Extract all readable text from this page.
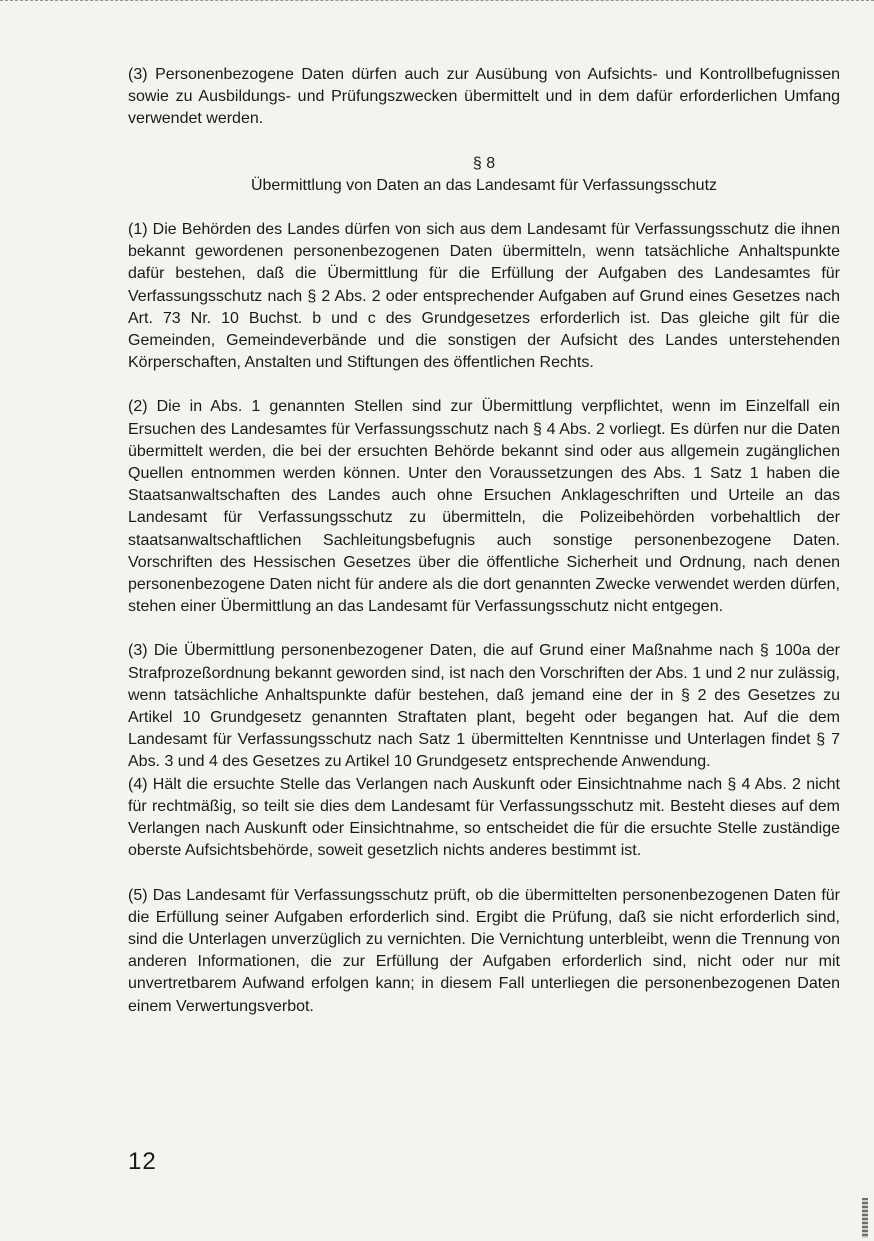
(3) Personenbezogene Daten dürfen auch zur Ausübung von Aufsichts- und Kontrollbefugnissen sowie zu Ausbildungs- und Prüfungszwecken übermittelt und in dem dafür erforderlichen Umfang verwendet werden.

§ 8

Übermittlung von Daten an das Landesamt für Verfassungsschutz

(1) Die Behörden des Landes dürfen von sich aus dem Landesamt für Verfassungsschutz die ihnen bekannt gewordenen personenbezogenen Daten übermitteln, wenn tatsächliche Anhaltspunkte dafür bestehen, daß die Übermittlung für die Erfüllung der Aufgaben des Landesamtes für Verfassungsschutz nach § 2 Abs. 2 oder entsprechender Aufgaben auf Grund eines Gesetzes nach Art. 73 Nr. 10 Buchst. b und c des Grundgesetzes erforderlich ist. Das gleiche gilt für die Gemeinden, Gemeindeverbände und die sonstigen der Aufsicht des Landes unterstehenden Körperschaften, Anstalten und Stiftungen des öffentlichen Rechts.

(2) Die in Abs. 1 genannten Stellen sind zur Übermittlung verpflichtet, wenn im Einzelfall ein Ersuchen des Landesamtes für Verfassungsschutz nach § 4 Abs. 2 vorliegt. Es dürfen nur die Daten übermittelt werden, die bei der ersuchten Behörde bekannt sind oder aus allgemein zugänglichen Quellen entnommen werden können. Unter den Voraussetzungen des Abs. 1 Satz 1 haben die Staatsanwaltschaften des Landes auch ohne Ersuchen Anklageschriften und Urteile an das Landesamt für Verfassungsschutz zu übermitteln, die Polizeibehörden vorbehaltlich der staatsanwaltschaftlichen Sachleitungsbefugnis auch sonstige personenbezogene Daten. Vorschriften des Hessischen Gesetzes über die öffentliche Sicherheit und Ordnung, nach denen personenbezogene Daten nicht für andere als die dort genannten Zwecke verwendet werden dürfen, stehen einer Übermittlung an das Landesamt für Verfassungsschutz nicht entgegen.

(3) Die Übermittlung personenbezogener Daten, die auf Grund einer Maßnahme nach § 100a der Strafprozeßordnung bekannt geworden sind, ist nach den Vorschriften der Abs. 1 und 2 nur zulässig, wenn tatsächliche Anhaltspunkte dafür bestehen, daß jemand eine der in § 2 des Gesetzes zu Artikel 10 Grundgesetz genannten Straftaten plant, begeht oder begangen hat. Auf die dem Landesamt für Verfassungsschutz nach Satz 1 übermittelten Kenntnisse und Unterlagen findet § 7 Abs. 3 und 4 des Gesetzes zu Artikel 10 Grundgesetz entsprechende Anwendung.

(4) Hält die ersuchte Stelle das Verlangen nach Auskunft oder Einsichtnahme nach § 4 Abs. 2 nicht für rechtmäßig, so teilt sie dies dem Landesamt für Verfassungsschutz mit. Besteht dieses auf dem Verlangen nach Auskunft oder Einsichtnahme, so entscheidet die für die ersuchte Stelle zuständige oberste Aufsichtsbehörde, soweit gesetzlich nichts anderes bestimmt ist.

(5) Das Landesamt für Verfassungsschutz prüft, ob die übermittelten personenbezogenen Daten für die Erfüllung seiner Aufgaben erforderlich sind. Ergibt die Prüfung, daß sie nicht erforderlich sind, sind die Unterlagen unverzüglich zu vernichten. Die Vernichtung unterbleibt, wenn die Trennung von anderen Informationen, die zur Erfüllung der Aufgaben erforderlich sind, nicht oder nur mit unvertretbarem Aufwand erfolgen kann; in diesem Fall unterliegen die personenbezogenen Daten einem Verwertungsverbot.

12
